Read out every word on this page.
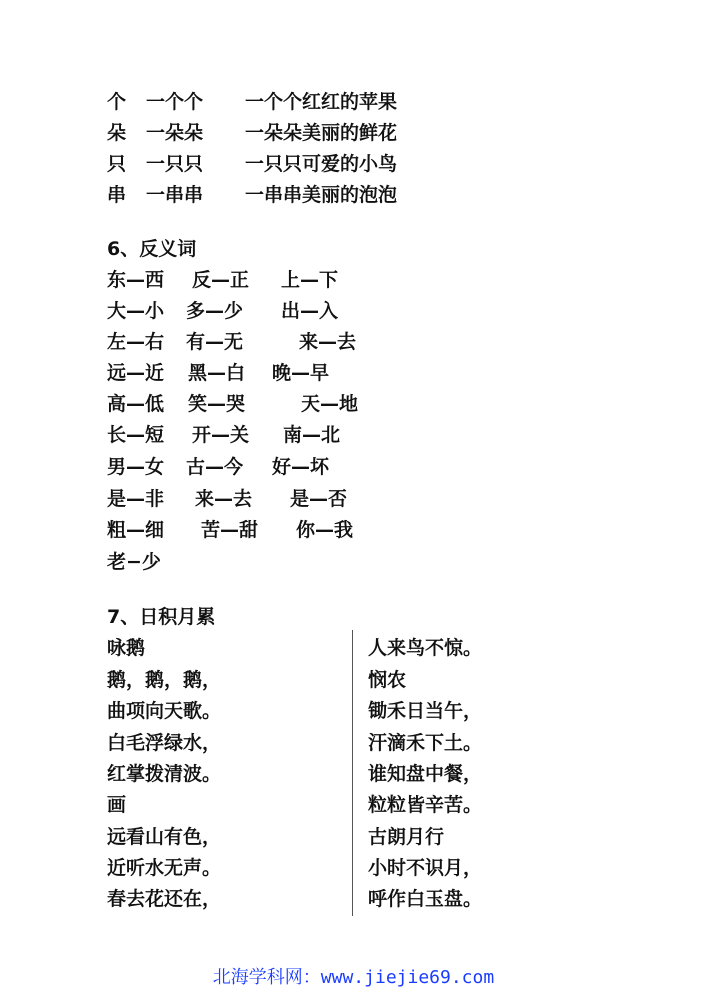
个 一个个 一个个红红的苹果
朵 一朵朵 一朵朵美丽的鲜花
只 一只只 一只只可爱的小鸟
串 一串串 一串串美丽的泡泡
6、反义词
东—西 反—正 上—下
大—小 多—少 出—入
左—右 有—无	来—去
远—近 黑—白 晚—早
高—低 笑—哭	天—地
长—短 开—关 南—北
男—女 古—今 好—坏
是—非 来—去 是—否
粗—细 苦—甜 你—我
老−少
7、日积月累
咏鹅
鹅，鹅，鹅，
曲项向天歌。
白毛浮绿水，
红掌拨清波。
画
远看山有色，
近听水无声。
春去花还在，
人来鸟不惊。
悯农
锄禾日当午，
汗滴禾下土。
谁知盘中餐，
粒粒皆辛苦。
古朗月行
小时不识月，
呼作白玉盘。
北海学科网：www.jiejie69.com
